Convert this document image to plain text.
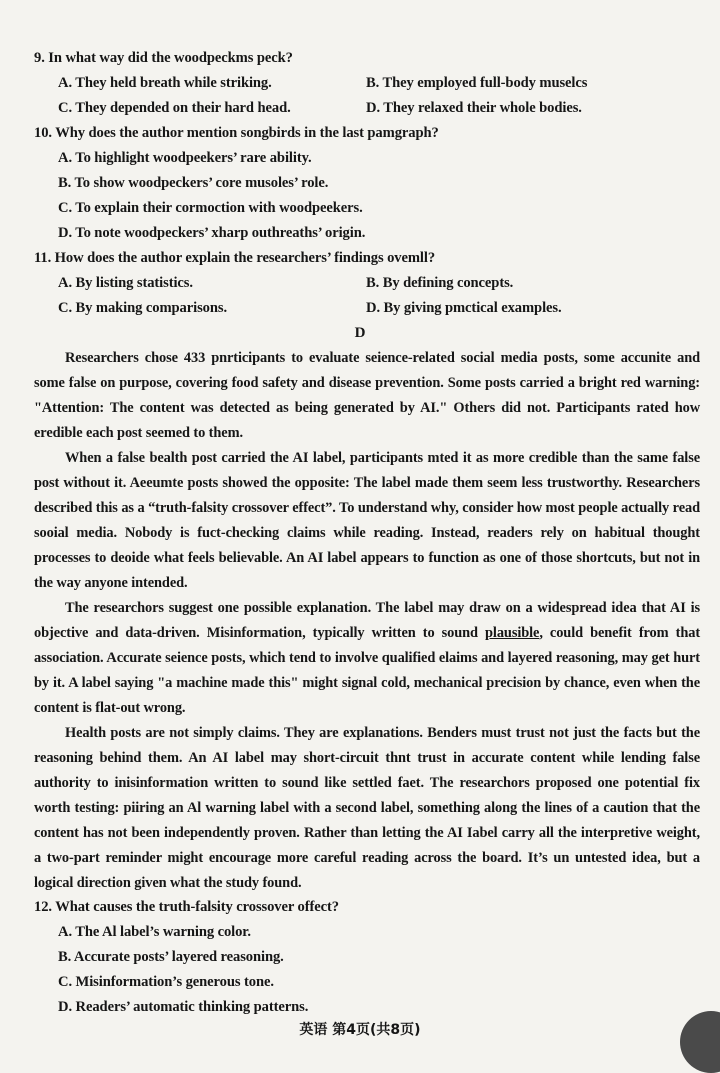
9. In what way did the woodpeckms peck?
A. They held breath while striking.	B. They employed full-body muselcs
C. They depended on their hard head.	D. They relaxed their whole bodies.
10. Why does the author mention songbirds in the last pamgraph?
A. To highlight woodpeekers’ rare ability.
B. To show woodpeckers’ core musoles’ role.
C. To explain their cormoction with woodpeekers.
D. To note woodpeckers’ xharp outhreaths’ origin.
11. How does the author explain the researchers’ findings ovemll?
A. By listing statistics.	B. By defining concepts.
C. By making comparisons.	D. By giving pmctical examples.
D
Researchers chose 433 pnrticipants to evaluate seience-related social media posts, some accunite and some false on purpose, covering food safety and disease prevention. Some posts carried a bright red warning: "Attention: The content was detected as being generated by AI." Others did not. Participants rated how eredible each post seemed to them.
When a false bealth post carried the AI label, participants mted it as more credible than the same false post without it. Aeeumte posts showed the opposite: The label made them seem less trustworthy. Researchers described this as a “truth-falsity crossover effect”. To understand why, consider how most people actually read sooial media. Nobody is fuct-checking claims while reading. Instead, readers rely on habitual thought processes to deoide what feels believable. An AI label appears to function as one of those shortcuts, but not in the way anyone intended.
The researchors suggest one possible explanation. The label may draw on a widespread idea that AI is objective and data-driven. Misinformation, typically written to sound plausible, could benefit from that association. Accurate seience posts, which tend to involve qualified elaims and layered reasoning, may get hurt by it. A label saying "a machine made this" might signal cold, mechanical precision by chance, even when the content is flat-out wrong.
Health posts are not simply claims. They are explanations. Benders must trust not just the facts but the reasoning behind them. An AI label may short-circuit thnt trust in accurate content while lending false authority to inisinformation written to sound like settled faet. The researchors proposed one potential fix worth testing: piiring an Al warning label with a second label, something along the lines of a caution that the content has not been independently proven. Rather than letting the AI Iabel carry all the interpretive weight, a two-part reminder might encourage more careful reading across the board. It’s un untested idea, but a logical direction given what the study found.
12. What causes the truth-falsity crossover offect?
A. The Al label’s warning color.
B. Accurate posts’ layered reasoning.
C. Misinformation’s generous tone.
D. Readers’ automatic thinking patterns.
英语 第4页(共8页)
